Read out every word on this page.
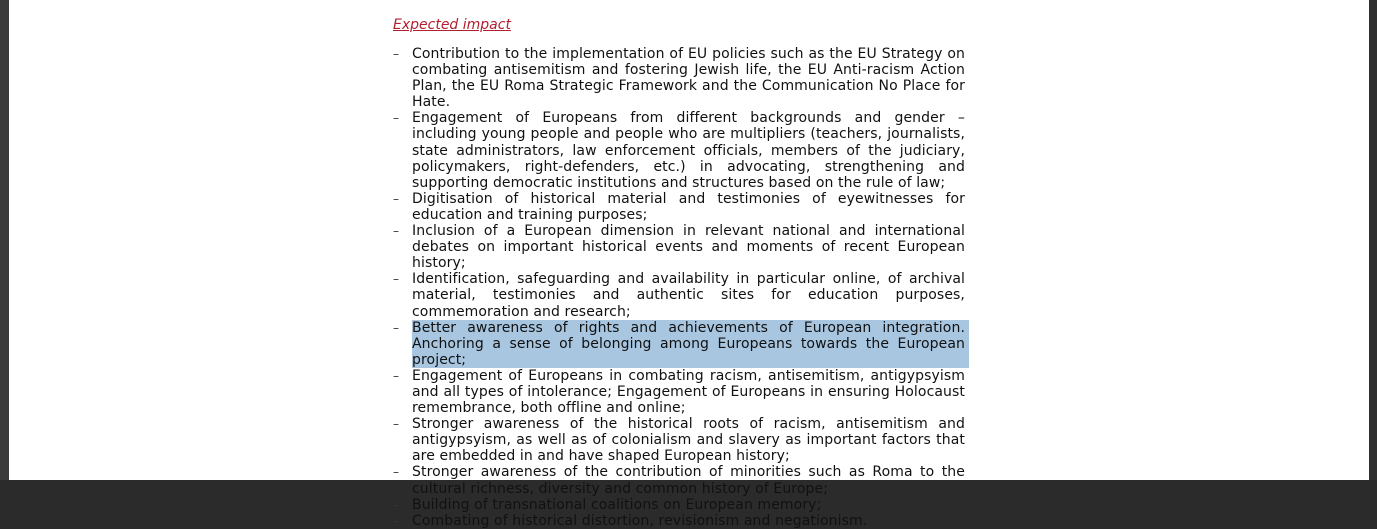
Expected impact
– Contribution to the implementation of EU policies such as the EU Strategy on combating antisemitism and fostering Jewish life, the EU Anti-racism Action Plan, the EU Roma Strategic Framework and the Communication No Place for Hate.
– Engagement of Europeans from different backgrounds and gender – including young people and people who are multipliers (teachers, journalists, state administrators, law enforcement officials, members of the judiciary, policymakers, right-defenders, etc.) in advocating, strengthening and supporting democratic institutions and structures based on the rule of law;
– Digitisation of historical material and testimonies of eyewitnesses for education and training purposes;
– Inclusion of a European dimension in relevant national and international debates on important historical events and moments of recent European history;
– Identification, safeguarding and availability in particular online, of archival material, testimonies and authentic sites for education purposes, commemoration and research;
– Better awareness of rights and achievements of European integration. Anchoring a sense of belonging among Europeans towards the European project;
– Engagement of Europeans in combating racism, antisemitism, antigypsyism and all types of intolerance; Engagement of Europeans in ensuring Holocaust remembrance, both offline and online;
– Stronger awareness of the historical roots of racism, antisemitism and antigypsyism, as well as of colonialism and slavery as important factors that are embedded in and have shaped European history;
– Stronger awareness of the contribution of minorities such as Roma to the cultural richness, diversity and common history of Europe;
– Building of transnational coalitions on European memory;
– Combating of historical distortion, revisionism and negationism.
